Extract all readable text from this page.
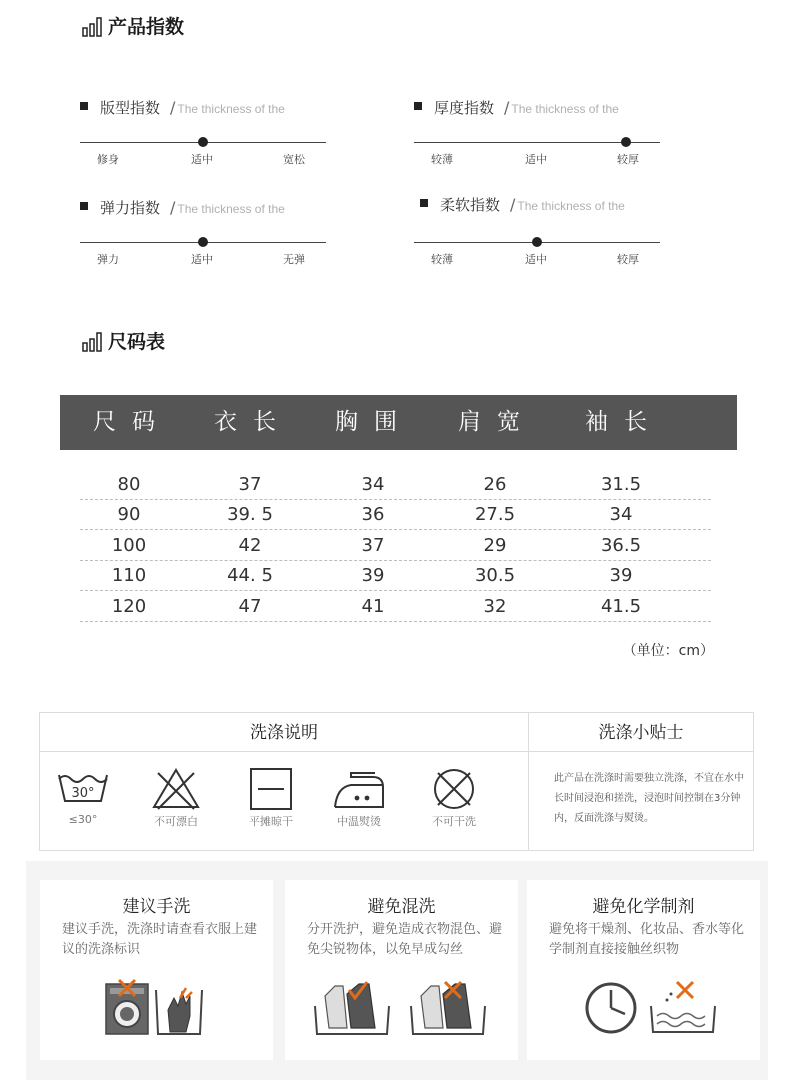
产品指数
版型指数 / The thickness of the
修身	适中	宽松
厚度指数 / The thickness of the
较薄	适中	较厚
弹力指数 / The thickness of the
弹力	适中	无弹
柔软指数 / The thickness of the
较薄	适中	较厚
尺码表
尺码 衣长 胸围 肩宽 袖长
80	37	34	26	31.5
90	39. 5	36	27.5	34
100	42	37	29	36.5
110	44. 5	39	30.5	39
120	47	41	32	41.5
（单位：cm）
洗涤说明	洗涤小贴士
30°
≤30°	不可漂白	平摊晾干	中温熨烫	不可干洗
此产品在洗涤时需要独立洗涤，不宜在水中长时间浸泡和搓洗，浸泡时间控制在3分钟内，反面洗涤与熨烫。
建议手洗
建议手洗，洗涤时请查看衣服上建议的洗涤标识
避免混洗
分开洗护，避免造成衣物混色、避免尖锐物体，以免早成勾丝
避免化学制剂
避免将干燥剂、化妆品、香水等化学制剂直接接触丝织物
